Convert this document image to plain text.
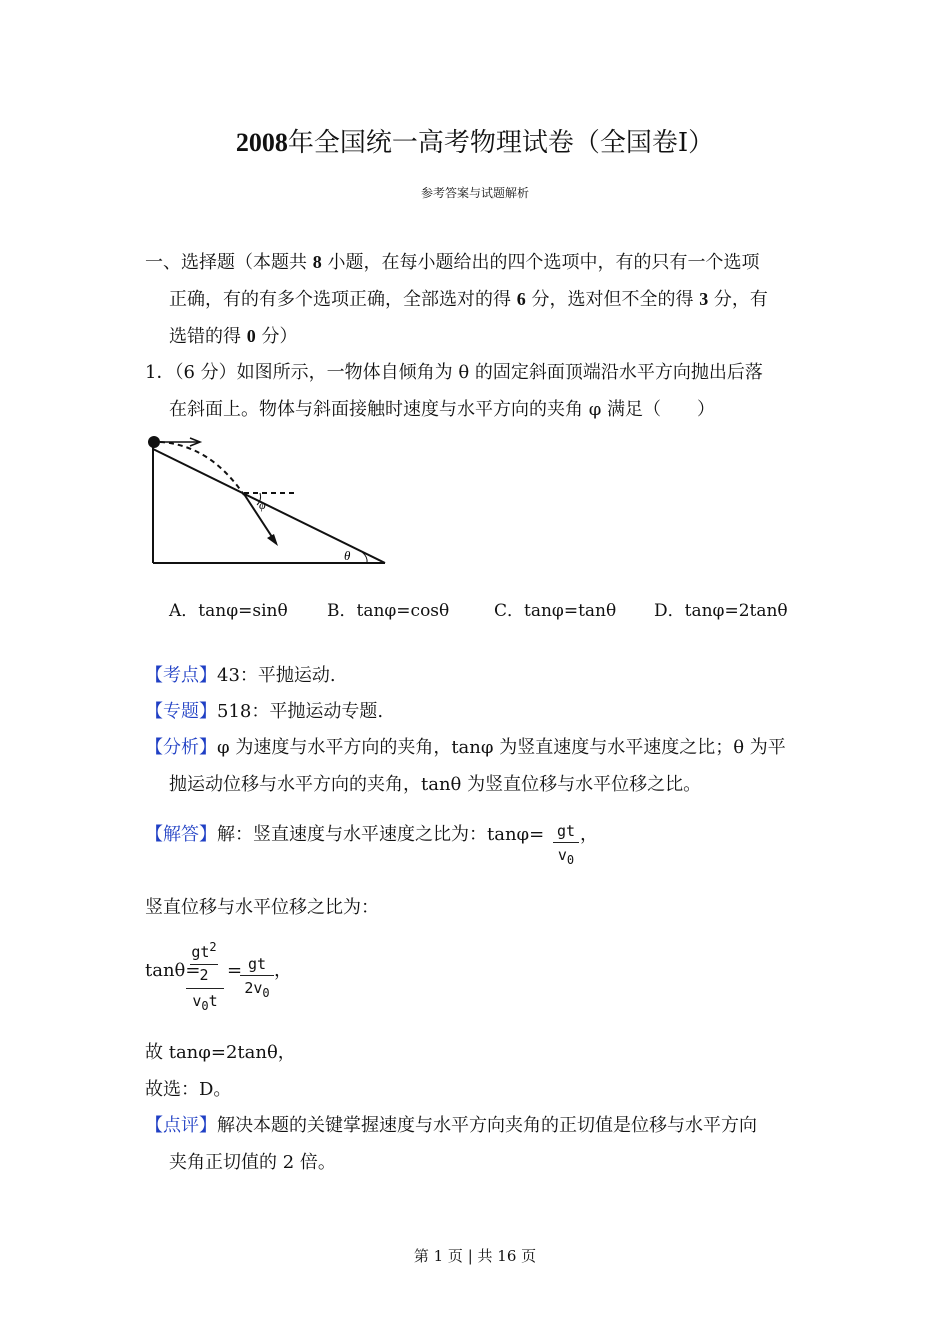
2008年全国统一高考物理试卷（全国卷Ⅰ）
参考答案与试题解析
一、选择题（本题共 8 小题，在每小题给出的四个选项中，有的只有一个选项
正确，有的有多个选项正确，全部选对的得 6 分，选对但不全的得 3 分，有
选错的得 0 分）
1．（6 分）如图所示，一物体自倾角为 θ 的固定斜面顶端沿水平方向抛出后落
在斜面上。物体与斜面接触时速度与水平方向的夹角 φ 满足（　　）
φ
θ
A．tanφ=sinθ B．tanφ=cosθ	C．tanφ=tanθ D．tanφ=2tanθ
【考点】43：平抛运动.
【专题】518：平抛运动专题.
【分析】φ 为速度与水平方向的夹角，tanφ 为竖直速度与水平速度之比；θ 为平
抛运动位移与水平方向的夹角，tanθ 为竖直位移与水平位移之比。
【解答】解：竖直速度与水平速度之比为：tanφ= gt
$v_0$
，
竖直位移与水平位移之比为：
tanθ=
$gt^2$
2
$v_0t$
= gt
$2v_0$
，
故 tanφ=2tanθ，
故选：D。
【点评】解决本题的关键掌握速度与水平方向夹角的正切值是位移与水平方向
夹角正切值的 2 倍。
第 1 页 | 共 16 页
